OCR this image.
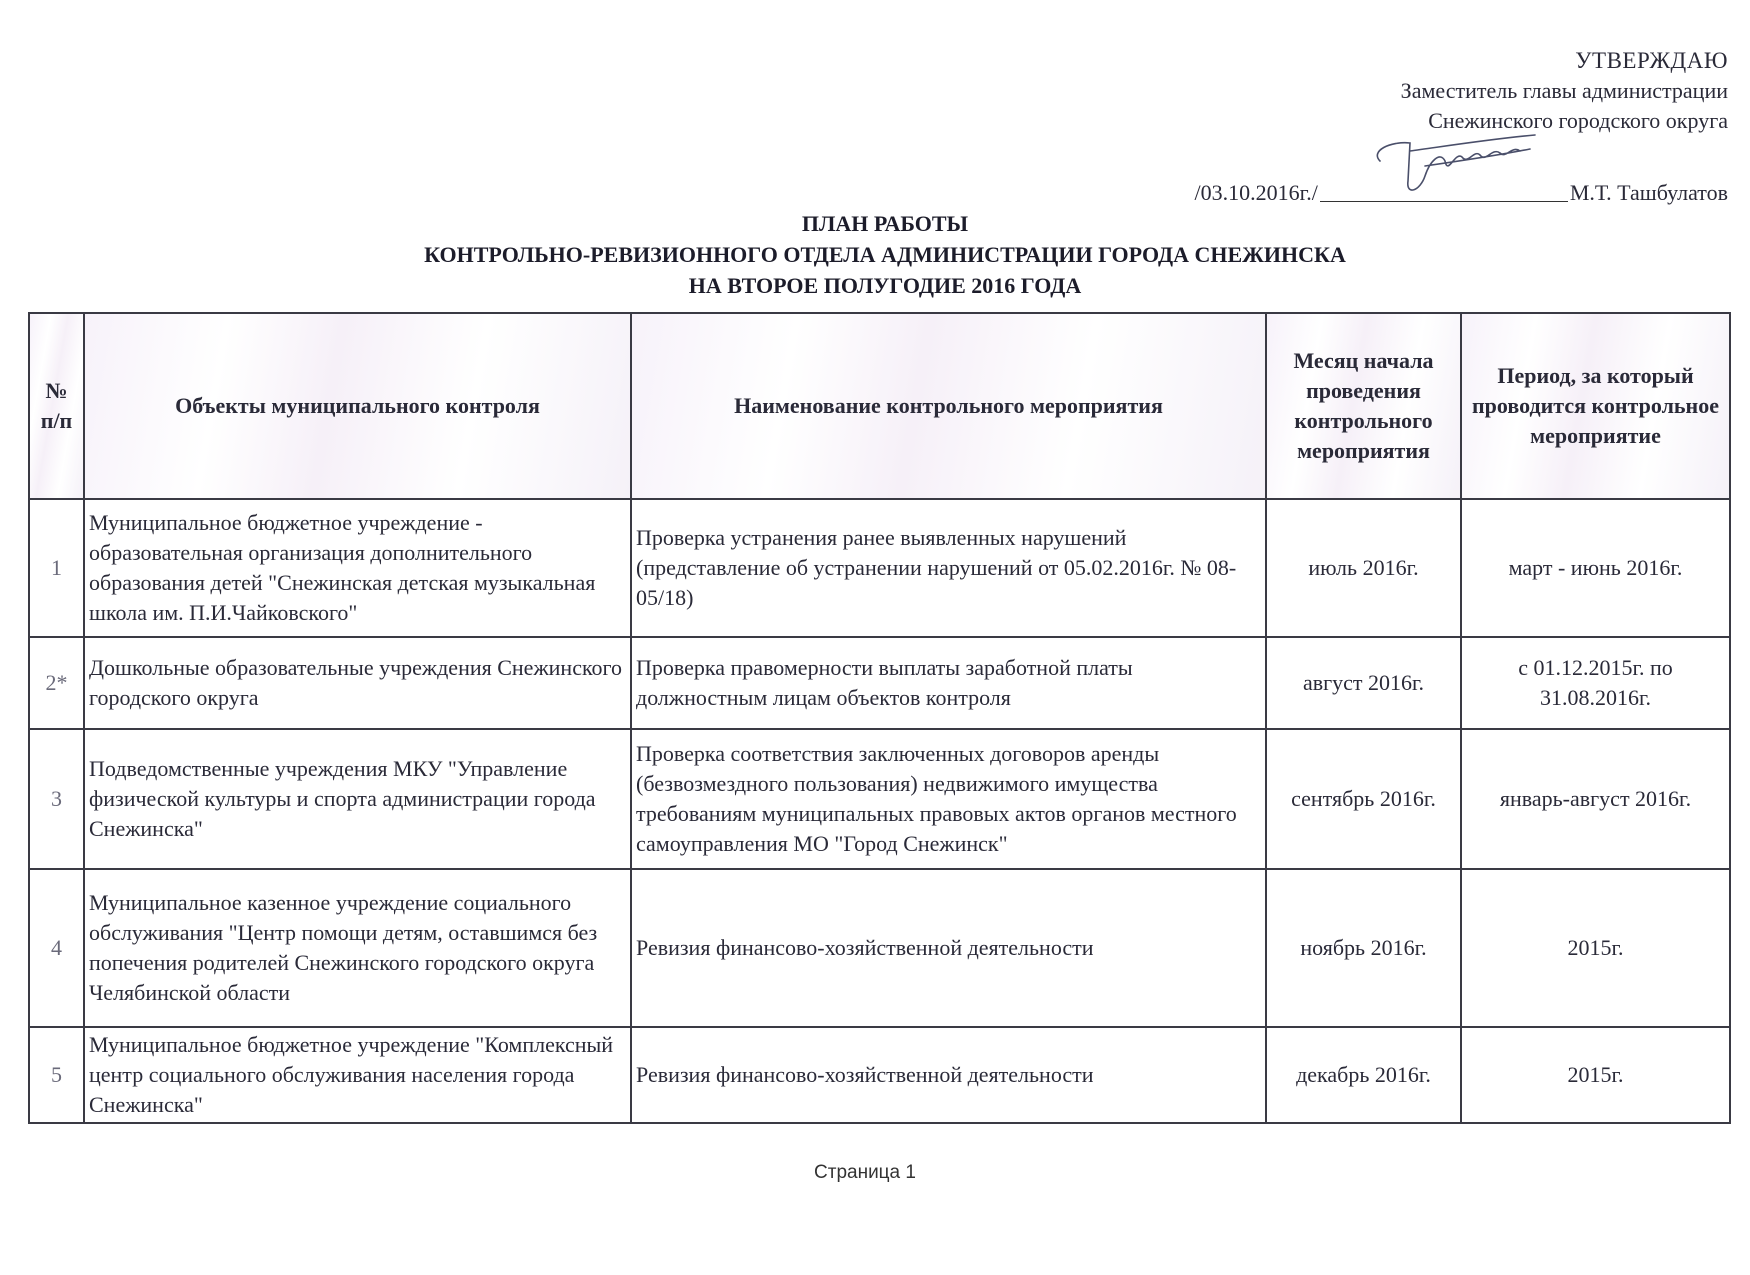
УТВЕРЖДАЮ
Заместитель главы администрации
Снежинского городского округа
/03.10.2016г./	М.Т. Ташбулатов
ПЛАН РАБОТЫ
КОНТРОЛЬНО-РЕВИЗИОННОГО ОТДЕЛА АДМИНИСТРАЦИИ ГОРОДА СНЕЖИНСКА
НА ВТОРОЕ ПОЛУГОДИЕ 2016 ГОДА
№ п/п	Объекты муниципального контроля	Наименование контрольного мероприятия	Месяц начала проведения контрольного мероприятия	Период, за который проводится контрольное мероприятие
1	Муниципальное бюджетное учреждение - образовательная организация дополнительного образования детей "Снежинская детская музыкальная школа им. П.И.Чайковского"	Проверка устранения ранее выявленных нарушений (представление об устранении нарушений от 05.02.2016г. № 08-05/18)	июль 2016г.	март - июнь 2016г.
2*	Дошкольные образовательные учреждения Снежинского городского округа	Проверка правомерности выплаты заработной платы должностным лицам объектов контроля	август 2016г.	с 01.12.2015г. по 31.08.2016г.
3	Подведомственные учреждения МКУ "Управление физической культуры и спорта администрации города Снежинска"	Проверка соответствия заключенных договоров аренды (безвозмездного пользования) недвижимого имущества требованиям муниципальных правовых актов органов местного самоуправления МО "Город Снежинск"	сентябрь 2016г.	январь-август 2016г.
4	Муниципальное казенное учреждение социального обслуживания "Центр помощи детям, оставшимся без попечения родителей Снежинского городского округа Челябинской области	Ревизия финансово-хозяйственной деятельности	ноябрь 2016г.	2015г.
5	Муниципальное бюджетное учреждение "Комплексный центр социального обслуживания населения города Снежинска"	Ревизия финансово-хозяйственной деятельности	декабрь 2016г.	2015г.
Страница 1
